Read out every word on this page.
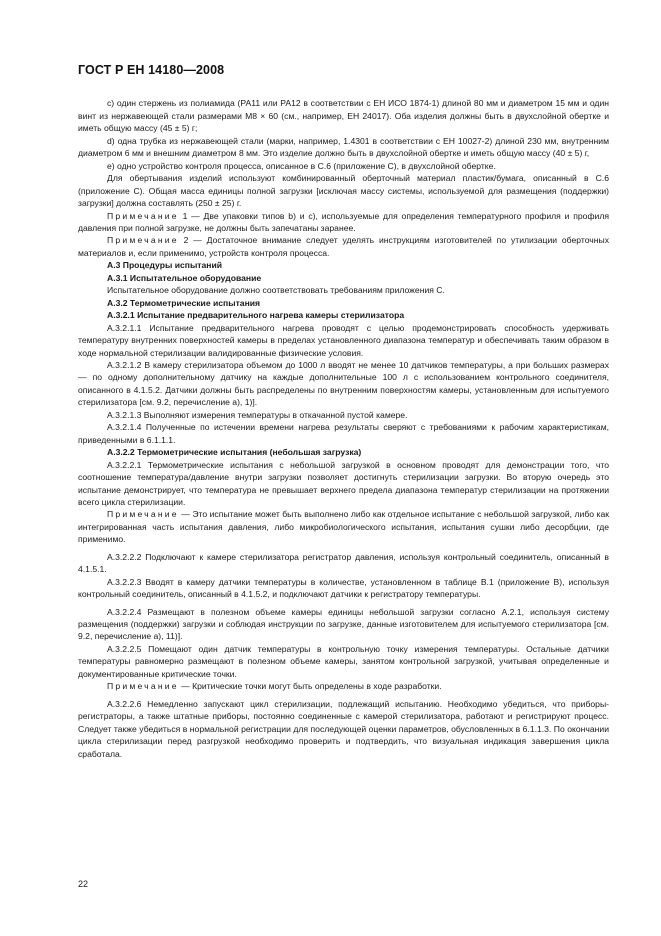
ГОСТ Р ЕН 14180—2008

с) один стержень из полиамида (PA11 или PA12 в соответствии с ЕН ИСО 1874-1) длиной 80 мм и диаметром 15 мм и один винт из нержавеющей стали размерами М8 × 60 (см., например, ЕН 24017). Оба изделия должны быть в двухслойной обертке и иметь общую массу (45 ± 5) г;

d) одна трубка из нержавеющей стали (марки, например, 1.4301 в соответствии с ЕН 10027-2) длиной 230 мм, внутренним диаметром 6 мм и внешним диаметром 8 мм. Это изделие должно быть в двухслойной обертке и иметь общую массу (40 ± 5) г,

е) одно устройство контроля процесса, описанное в С.6 (приложение С), в двухслойной обертке.

Для обертывания изделий используют комбинированный оберточный материал пластик/бумага, описанный в С.6 (приложение С). Общая масса единицы полной загрузки [исключая массу системы, используемой для размещения (поддержки) загрузки] должна составлять (250 ± 25) г.

Примечание 1 — Две упаковки типов b) и с), используемые для определения температурного профиля и профиля давления при полной загрузке, не должны быть запечатаны заранее.

Примечание 2 — Достаточное внимание следует уделять инструкциям изготовителей по утилизации оберточных материалов и, если применимо, устройств контроля процесса.

A.3 Процедуры испытаний

A.3.1 Испытательное оборудование

Испытательное оборудование должно соответствовать требованиям приложения С.

A.3.2 Термометрические испытания

A.3.2.1 Испытание предварительного нагрева камеры стерилизатора

A.3.2.1.1 Испытание предварительного нагрева проводят с целью продемонстрировать способность удерживать температуру внутренних поверхностей камеры в пределах установленного диапазона температур и обеспечивать таким образом в ходе нормальной стерилизации валидированные физические условия.

A.3.2.1.2 В камеру стерилизатора объемом до 1000 л вводят не менее 10 датчиков температуры, а при больших размерах — по одному дополнительному датчику на каждые дополнительные 100 л с использованием контрольного соединителя, описанного в 4.1.5.2. Датчики должны быть распределены по внутренним поверхностям камеры, установленным для испытуемого стерилизатора [см. 9.2, перечисление а), 1)].

A.3.2.1.3 Выполняют измерения температуры в откачанной пустой камере.

A.3.2.1.4 Полученные по истечении времени нагрева результаты сверяют с требованиями к рабочим характеристикам, приведенными в 6.1.1.1.

A.3.2.2 Термометрические испытания (небольшая загрузка)

A.3.2.2.1 Термометрические испытания с небольшой загрузкой в основном проводят для демонстрации того, что соотношение температура/давление внутри загрузки позволяет достигнуть стерилизации загрузки. Во вторую очередь это испытание демонстрирует, что температура не превышает верхнего предела диапазона температур стерилизации на протяжении всего цикла стерилизации.

Примечание — Это испытание может быть выполнено либо как отдельное испытание с небольшой загрузкой, либо как интегрированная часть испытания давления, либо микробиологического испытания, испытания сушки либо десорбции, где применимо.

A.3.2.2.2 Подключают к камере стерилизатора регистратор давления, используя контрольный соединитель, описанный в 4.1.5.1.

A.3.2.2.3 Вводят в камеру датчики температуры в количестве, установленном в таблице В.1 (приложение В), используя контрольный соединитель, описанный в 4.1.5.2, и подключают датчики к регистратору температуры.

A.3.2.2.4 Размещают в полезном объеме камеры единицы небольшой загрузки согласно А.2.1, используя систему размещения (поддержки) загрузки и соблюдая инструкции по загрузке, данные изготовителем для испытуемого стерилизатора [см. 9.2, перечисление а), 11)].

A.3.2.2.5 Помещают один датчик температуры в контрольную точку измерения температуры. Остальные датчики температуры равномерно размещают в полезном объеме камеры, занятом контрольной загрузкой, учитывая определенные и документированные критические точки.

Примечание — Критические точки могут быть определены в ходе разработки.

A.3.2.2.6 Немедленно запускают цикл стерилизации, подлежащий испытанию. Необходимо убедиться, что приборы-регистраторы, а также штатные приборы, постоянно соединенные с камерой стерилизатора, работают и регистрируют процесс. Следует также убедиться в нормальной регистрации для последующей оценки параметров, обусловленных в 6.1.1.3. По окончании цикла стерилизации перед разгрузкой необходимо проверить и подтвердить, что визуальная индикация завершения цикла сработала.

22
